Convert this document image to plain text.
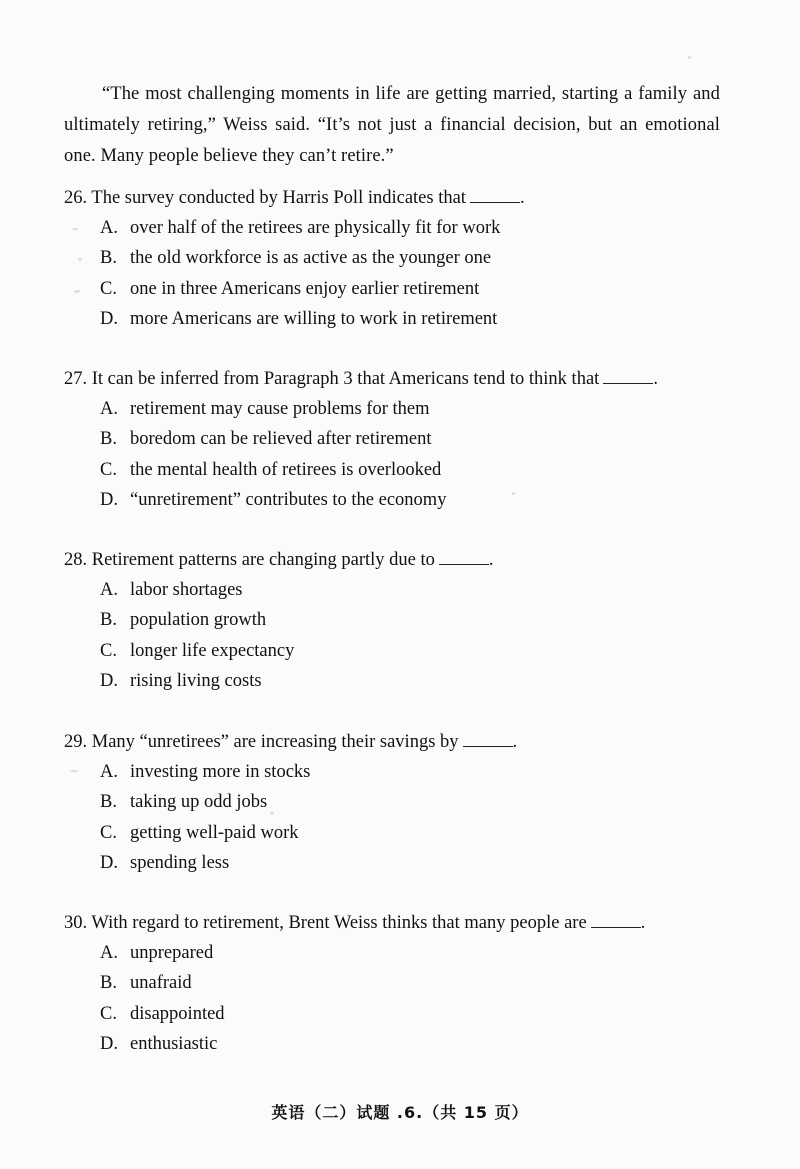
“The most challenging moments in life are getting married, starting a family and ultimately retiring,” Weiss said. “It’s not just a financial decision, but an emotional one. Many people believe they can’t retire.”

26. The survey conducted by Harris Poll indicates that	.
A. over half of the retirees are physically fit for work
B. the old workforce is as active as the younger one
C. one in three Americans enjoy earlier retirement
D. more Americans are willing to work in retirement
27. It can be inferred from Paragraph 3 that Americans tend to think that	.
A. retirement may cause problems for them
B. boredom can be relieved after retirement
C. the mental health of retirees is overlooked
D. “unretirement” contributes to the economy
28. Retirement patterns are changing partly due to	.
A. labor shortages
B. population growth
C. longer life expectancy
D. rising living costs
29. Many “unretirees” are increasing their savings by	.
A. investing more in stocks
B. taking up odd jobs
C. getting well-paid work
D. spending less
30. With regard to retirement, Brent Weiss thinks that many people are	.
A. unprepared
B. unafraid
C. disappointed
D. enthusiastic
英语（二）试题 .6.（共 15 页）
